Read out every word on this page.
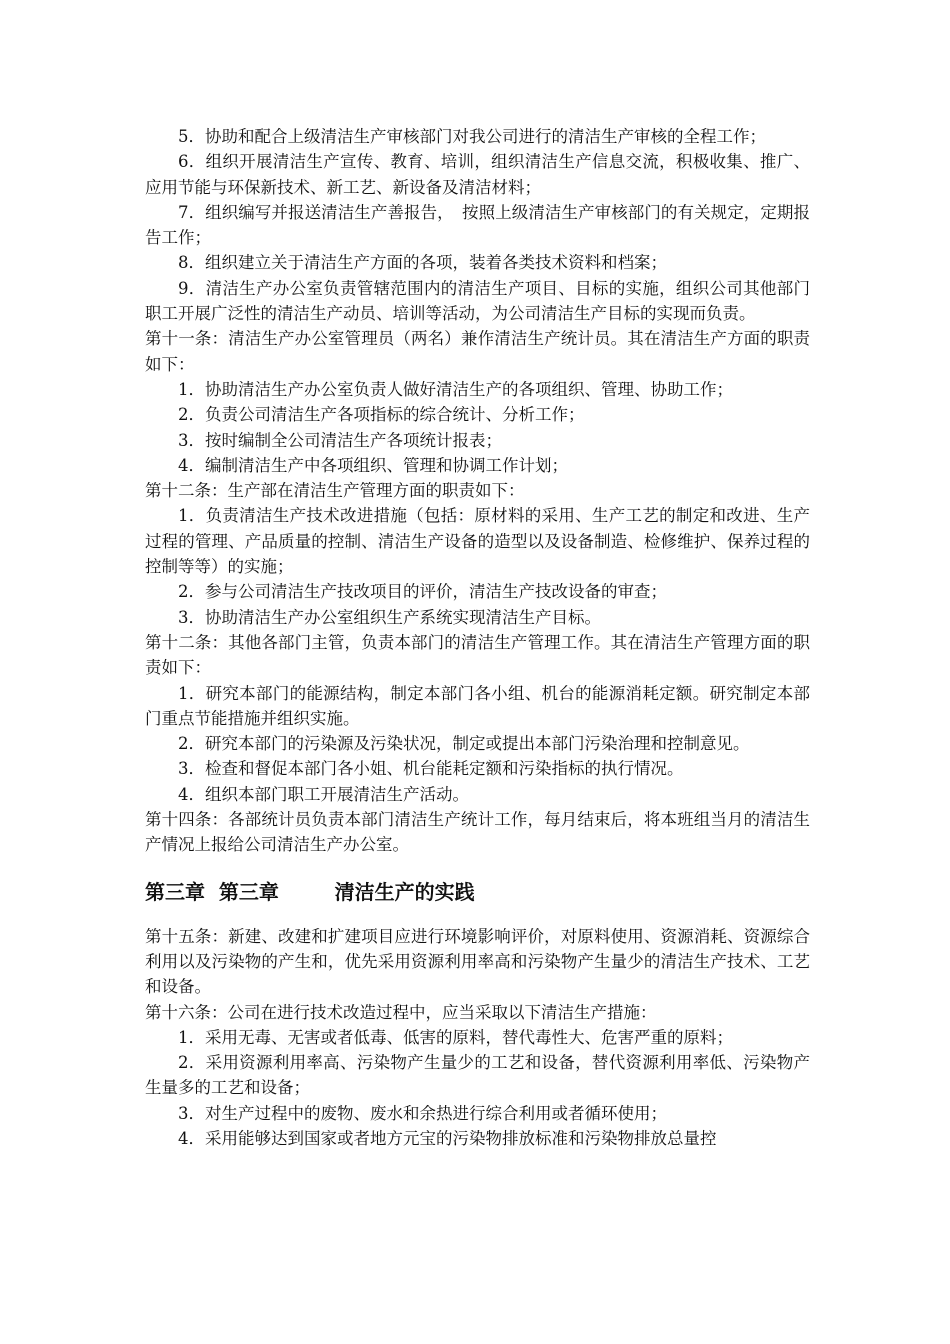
5．协助和配合上级清洁生产审核部门对我公司进行的清洁生产审核的全程工作；

6．组织开展清洁生产宣传、教育、培训，组织清洁生产信息交流，积极收集、推广、应用节能与环保新技术、新工艺、新设备及清洁材料；

7．组织编写并报送清洁生产善报告，　按照上级清洁生产审核部门的有关规定，定期报告工作；

8．组织建立关于清洁生产方面的各项，装着各类技术资料和档案；

9．清洁生产办公室负责管辖范围内的清洁生产项目、目标的实施，组织公司其他部门职工开展广泛性的清洁生产动员、培训等活动，为公司清洁生产目标的实现而负责。

第十一条：清洁生产办公室管理员（两名）兼作清洁生产统计员。其在清洁生产方面的职责如下：

1．协助清洁生产办公室负责人做好清洁生产的各项组织、管理、协助工作；

2．负责公司清洁生产各项指标的综合统计、分析工作；

3．按时编制全公司清洁生产各项统计报表；

4．编制清洁生产中各项组织、管理和协调工作计划；

第十二条：生产部在清洁生产管理方面的职责如下：

1．负责清洁生产技术改进措施（包括：原材料的采用、生产工艺的制定和改进、生产过程的管理、产品质量的控制、清洁生产设备的造型以及设备制造、检修维护、保养过程的控制等等）的实施；

2．参与公司清洁生产技改项目的评价，清洁生产技改设备的审查；

3．协助清洁生产办公室组织生产系统实现清洁生产目标。

第十二条：其他各部门主管，负责本部门的清洁生产管理工作。其在清洁生产管理方面的职责如下：

1．研究本部门的能源结构，制定本部门各小组、机台的能源消耗定额。研究制定本部门重点节能措施并组织实施。

2．研究本部门的污染源及污染状况，制定或提出本部门污染治理和控制意见。

3．检查和督促本部门各小姐、机台能耗定额和污染指标的执行情况。

4．组织本部门职工开展清洁生产活动。

第十四条：各部统计员负责本部门清洁生产统计工作，每月结束后，将本班组当月的清洁生产情况上报给公司清洁生产办公室。

第三章  第三章        清洁生产的实践

第十五条：新建、改建和扩建项目应进行环境影响评价，对原料使用、资源消耗、资源综合利用以及污染物的产生和，优先采用资源利用率高和污染物产生量少的清洁生产技术、工艺和设备。

第十六条：公司在进行技术改造过程中，应当采取以下清洁生产措施：

1．采用无毒、无害或者低毒、低害的原料，替代毒性大、危害严重的原料；

2．采用资源利用率高、污染物产生量少的工艺和设备，替代资源利用率低、污染物产生量多的工艺和设备；

3．对生产过程中的废物、废水和余热进行综合利用或者循环使用；

4．采用能够达到国家或者地方元宝的污染物排放标准和污染物排放总量控
